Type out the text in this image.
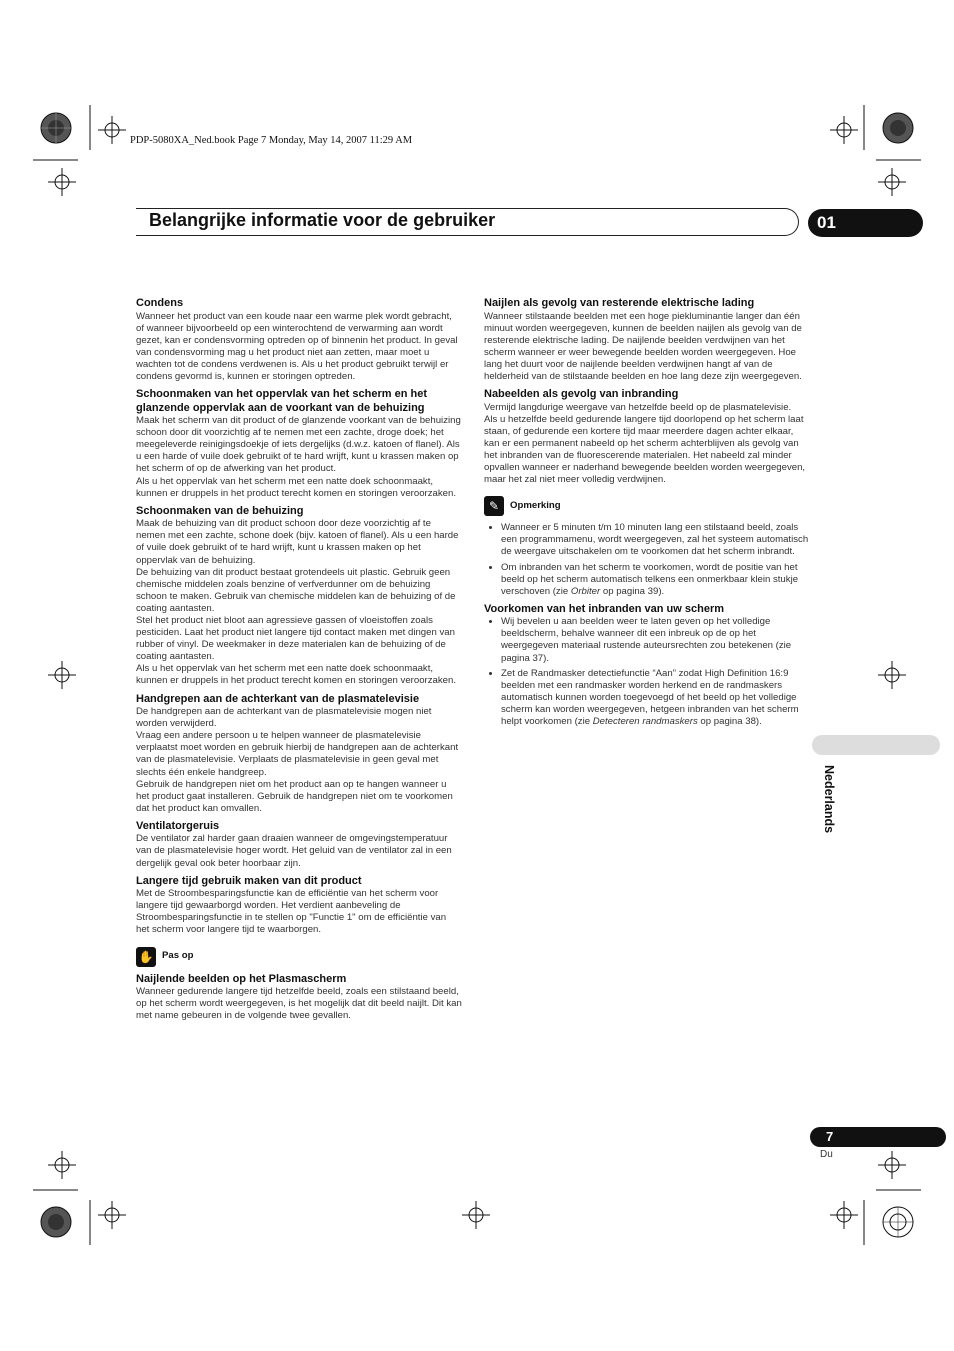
PDP-5080XA_Ned.book Page 7 Monday, May 14, 2007 11:29 AM
Belangrijke informatie voor de gebruiker	01
Nederlands
7
Du
Condens
Wanneer het product van een koude naar een warme plek wordt gebracht, of wanneer bijvoorbeeld op een winterochtend de verwarming aan wordt gezet, kan er condensvorming optreden op of binnenin het product. In geval van condensvorming mag u het product niet aan zetten, maar moet u wachten tot de condens verdwenen is. Als u het product gebruikt terwijl er condens gevormd is, kunnen er storingen optreden.
Schoonmaken van het oppervlak van het scherm en het glanzende oppervlak aan de voorkant van de behuizing
Maak het scherm van dit product of de glanzende voorkant van de behuizing schoon door dit voorzichtig af te nemen met een zachte, droge doek; het meegeleverde reinigingsdoekje of iets dergelijks (d.w.z. katoen of flanel). Als u een harde of vuile doek gebruikt of te hard wrijft, kunt u krassen maken op het scherm of op de afwerking van het product.
Als u het oppervlak van het scherm met een natte doek schoonmaakt, kunnen er druppels in het product terecht komen en storingen veroorzaken.
Schoonmaken van de behuizing
Maak de behuizing van dit product schoon door deze voorzichtig af te nemen met een zachte, schone doek (bijv. katoen of flanel). Als u een harde of vuile doek gebruikt of te hard wrijft, kunt u krassen maken op het oppervlak van de behuizing.
De behuizing van dit product bestaat grotendeels uit plastic. Gebruik geen chemische middelen zoals benzine of verfverdunner om de behuizing schoon te maken. Gebruik van chemische middelen kan de behuizing of de coating aantasten.
Stel het product niet bloot aan agressieve gassen of vloeistoffen zoals pesticiden. Laat het product niet langere tijd contact maken met dingen van rubber of vinyl. De weekmaker in deze materialen kan de behuizing of de coating aantasten.
Als u het oppervlak van het scherm met een natte doek schoonmaakt, kunnen er druppels in het product terecht komen en storingen veroorzaken.
Handgrepen aan de achterkant van de plasmatelevisie
De handgrepen aan de achterkant van de plasmatelevisie mogen niet worden verwijderd.
Vraag een andere persoon u te helpen wanneer de plasmatelevisie verplaatst moet worden en gebruik hierbij de handgrepen aan de achterkant van de plasmatelevisie. Verplaats de plasmatelevisie in geen geval met slechts één enkele handgreep.
Gebruik de handgrepen niet om het product aan op te hangen wanneer u het product gaat installeren. Gebruik de handgrepen niet om te voorkomen dat het product kan omvallen.
Ventilatorgeruis
De ventilator zal harder gaan draaien wanneer de omgevingstemperatuur van de plasmatelevisie hoger wordt. Het geluid van de ventilator zal in een dergelijk geval ook beter hoorbaar zijn.
Langere tijd gebruik maken van dit product
Met de Stroombesparingsfunctie kan de efficiëntie van het scherm voor langere tijd gewaarborgd worden. Het verdient aanbeveling de Stroombesparingsfunctie in te stellen op "Functie 1" om de efficiëntie van het scherm voor langere tijd te waarborgen.
✋ Pas op
Naijlende beelden op het Plasmascherm
Wanneer gedurende langere tijd hetzelfde beeld, zoals een stilstaand beeld, op het scherm wordt weergegeven, is het mogelijk dat dit beeld naijlt. Dit kan met name gebeuren in de volgende twee gevallen.
Naijlen als gevolg van resterende elektrische lading
Wanneer stilstaande beelden met een hoge piekluminantie langer dan één minuut worden weergegeven, kunnen de beelden naijlen als gevolg van de resterende elektrische lading. De naijlende beelden verdwijnen van het scherm wanneer er weer bewegende beelden worden weergegeven. Hoe lang het duurt voor de naijlende beelden verdwijnen hangt af van de helderheid van de stilstaande beelden en hoe lang deze zijn weergegeven.
Nabeelden als gevolg van inbranding
Vermijd langdurige weergave van hetzelfde beeld op de plasmatelevisie.
Als u hetzelfde beeld gedurende langere tijd doorlopend op het scherm laat staan, of gedurende een kortere tijd maar meerdere dagen achter elkaar, kan er een permanent nabeeld op het scherm achterblijven als gevolg van het inbranden van de fluorescerende materialen. Het nabeeld zal minder opvallen wanneer er naderhand bewegende beelden worden weergegeven, maar het zal niet meer volledig verdwijnen.
✎	Opmerking
• Wanneer er 5 minuten t/m 10 minuten lang een stilstaand beeld, zoals een programmamenu, wordt weergegeven, zal het systeem automatisch de weergave uitschakelen om te voorkomen dat het scherm inbrandt.
• Om inbranden van het scherm te voorkomen, wordt de positie van het beeld op het scherm automatisch telkens een onmerkbaar klein stukje verschoven (zie Orbiter op pagina 39).
Voorkomen van het inbranden van uw scherm
• Wij bevelen u aan beelden weer te laten geven op het volledige beeldscherm, behalve wanneer dit een inbreuk op de op het weergegeven materiaal rustende auteursrechten zou betekenen (zie pagina 37).
• Zet de Randmasker detectiefunctie “Aan” zodat High Definition 16:9 beelden met een randmasker worden herkend en de randmaskers automatisch kunnen worden toegevoegd of het beeld op het volledige scherm kan worden weergegeven, hetgeen inbranden van het scherm helpt voorkomen (zie Detecteren randmaskers op pagina 38).
